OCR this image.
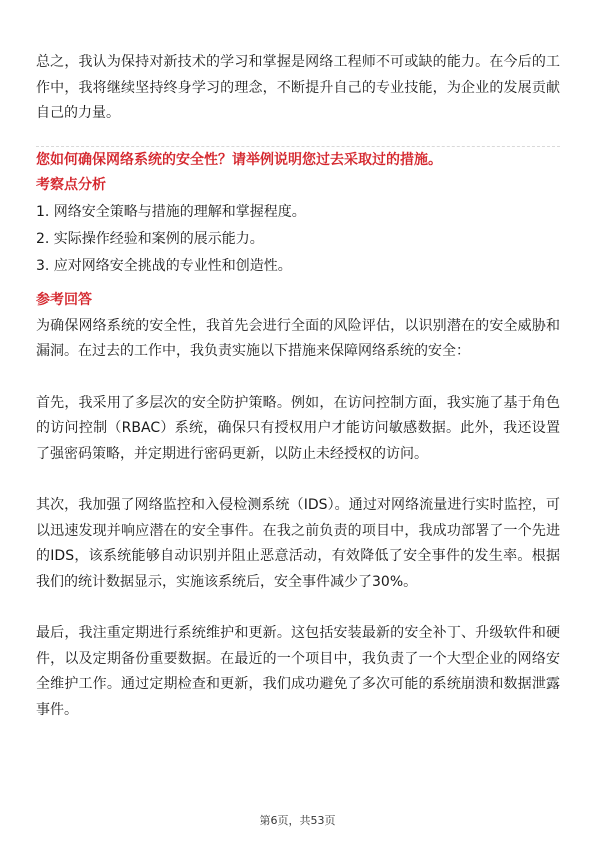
总之，我认为保持对新技术的学习和掌握是网络工程师不可或缺的能力。在今后的工作中，我将继续坚持终身学习的理念，不断提升自己的专业技能，为企业的发展贡献自己的力量。

您如何确保网络系统的安全性？请举例说明您过去采取过的措施。

考察点分析

1. 网络安全策略与措施的理解和掌握程度。
2. 实际操作经验和案例的展示能力。
3. 应对网络安全挑战的专业性和创造性。

参考回答

为确保网络系统的安全性，我首先会进行全面的风险评估，以识别潜在的安全威胁和漏洞。在过去的工作中，我负责实施以下措施来保障网络系统的安全：

首先，我采用了多层次的安全防护策略。例如，在访问控制方面，我实施了基于角色的访问控制（RBAC）系统，确保只有授权用户才能访问敏感数据。此外，我还设置了强密码策略，并定期进行密码更新，以防止未经授权的访问。

其次，我加强了网络监控和入侵检测系统（IDS）。通过对网络流量进行实时监控，可以迅速发现并响应潜在的安全事件。在我之前负责的项目中，我成功部署了一个先进的IDS，该系统能够自动识别并阻止恶意活动，有效降低了安全事件的发生率。根据我们的统计数据显示，实施该系统后，安全事件减少了30%。

最后，我注重定期进行系统维护和更新。这包括安装最新的安全补丁、升级软件和硬件，以及定期备份重要数据。在最近的一个项目中，我负责了一个大型企业的网络安全维护工作。通过定期检查和更新，我们成功避免了多次可能的系统崩溃和数据泄露事件。

第6页，共53页
